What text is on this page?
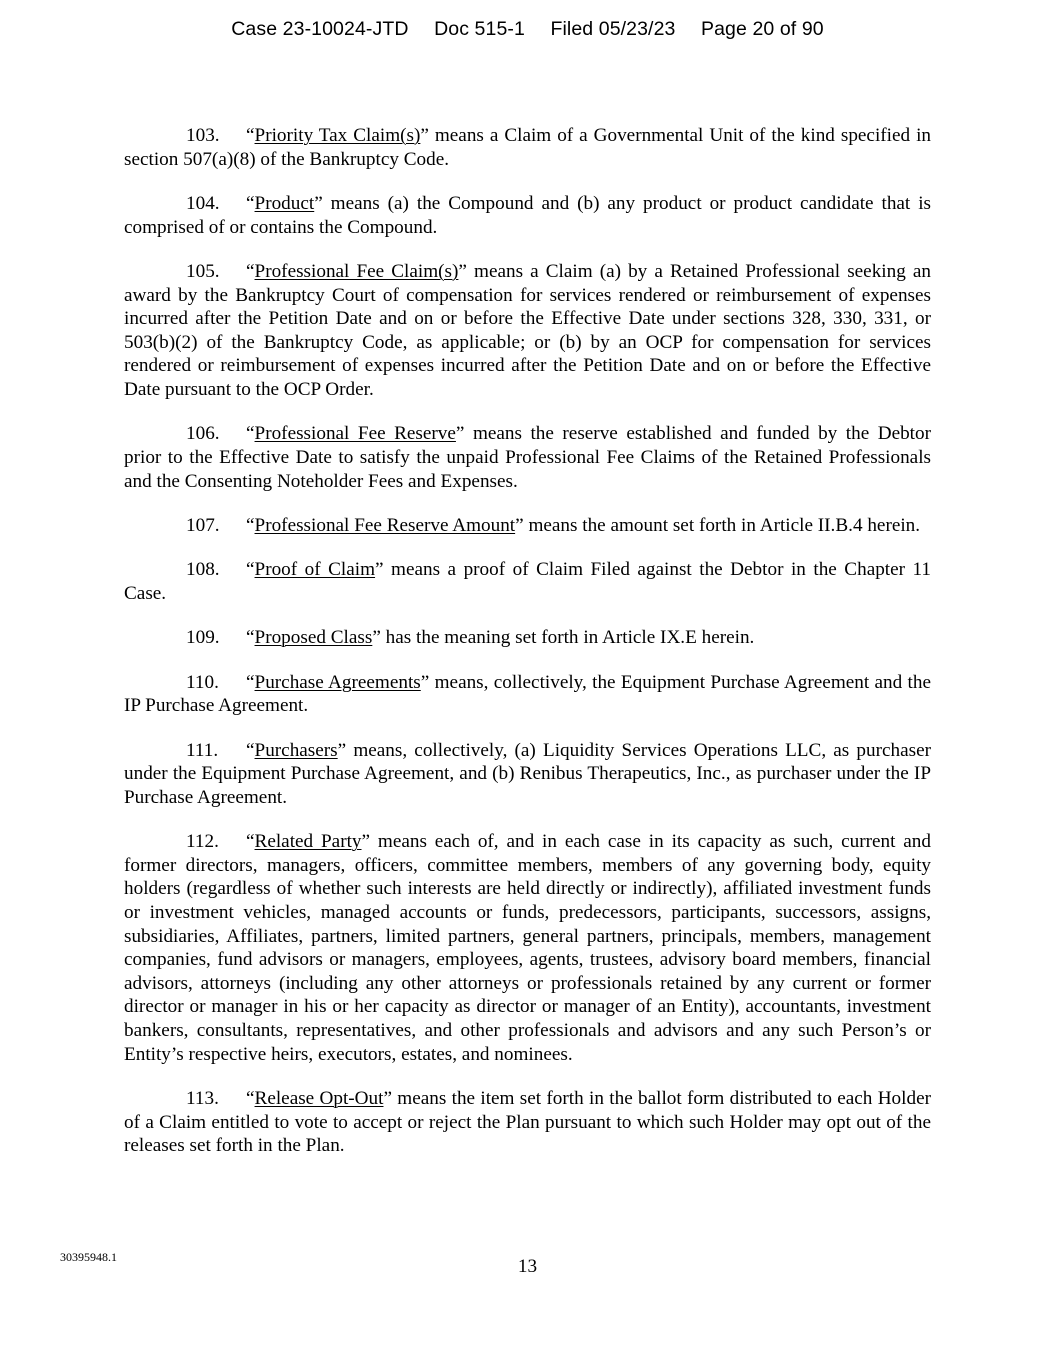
Case 23-10024-JTD Doc 515-1 Filed 05/23/23 Page 20 of 90

103. “Priority Tax Claim(s)” means a Claim of a Governmental Unit of the kind specified in section 507(a)(8) of the Bankruptcy Code.

104. “Product” means (a) the Compound and (b) any product or product candidate that is comprised of or contains the Compound.

105. “Professional Fee Claim(s)” means a Claim (a) by a Retained Professional seeking an award by the Bankruptcy Court of compensation for services rendered or reimbursement of expenses incurred after the Petition Date and on or before the Effective Date under sections 328, 330, 331, or 503(b)(2) of the Bankruptcy Code, as applicable; or (b) by an OCP for compensation for services rendered or reimbursement of expenses incurred after the Petition Date and on or before the Effective Date pursuant to the OCP Order.

106. “Professional Fee Reserve” means the reserve established and funded by the Debtor prior to the Effective Date to satisfy the unpaid Professional Fee Claims of the Retained Professionals and the Consenting Noteholder Fees and Expenses.

107. “Professional Fee Reserve Amount” means the amount set forth in Article II.B.4 herein.

108. “Proof of Claim” means a proof of Claim Filed against the Debtor in the Chapter 11 Case.

109. “Proposed Class” has the meaning set forth in Article IX.E herein.

110. “Purchase Agreements” means, collectively, the Equipment Purchase Agreement and the IP Purchase Agreement.

111. “Purchasers” means, collectively, (a) Liquidity Services Operations LLC, as purchaser under the Equipment Purchase Agreement, and (b) Renibus Therapeutics, Inc., as purchaser under the IP Purchase Agreement.

112. “Related Party” means each of, and in each case in its capacity as such, current and former directors, managers, officers, committee members, members of any governing body, equity holders (regardless of whether such interests are held directly or indirectly), affiliated investment funds or investment vehicles, managed accounts or funds, predecessors, participants, successors, assigns, subsidiaries, Affiliates, partners, limited partners, general partners, principals, members, management companies, fund advisors or managers, employees, agents, trustees, advisory board members, financial advisors, attorneys (including any other attorneys or professionals retained by any current or former director or manager in his or her capacity as director or manager of an Entity), accountants, investment bankers, consultants, representatives, and other professionals and advisors and any such Person’s or Entity’s respective heirs, executors, estates, and nominees.

113. “Release Opt-Out” means the item set forth in the ballot form distributed to each Holder of a Claim entitled to vote to accept or reject the Plan pursuant to which such Holder may opt out of the releases set forth in the Plan.

30395948.1	13
